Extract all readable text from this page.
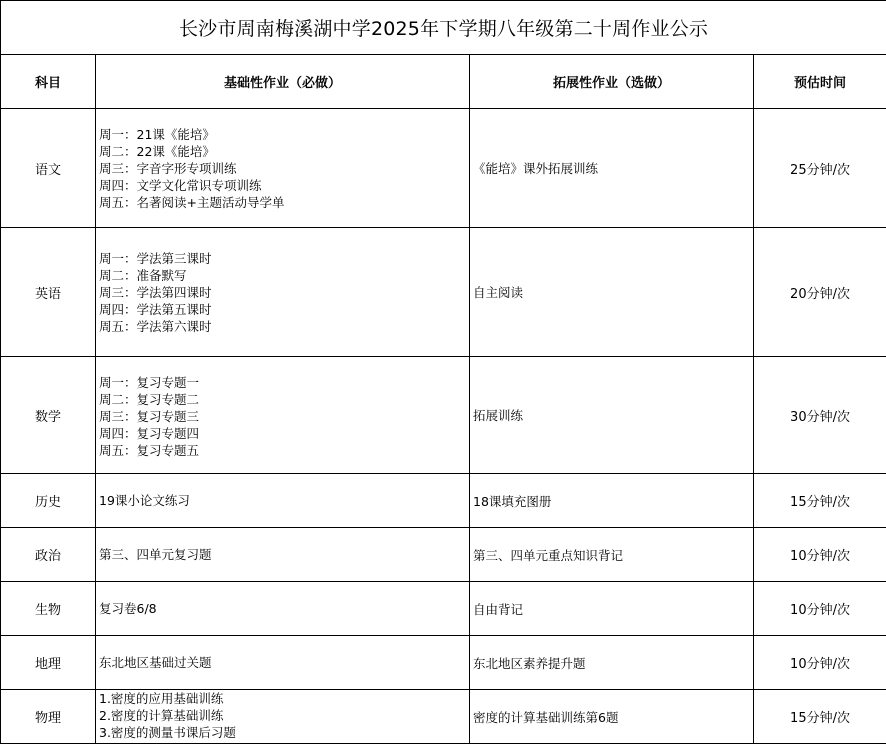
长沙市周南梅溪湖中学2025年下学期八年级第二十周作业公示			
科目	基础性作业（必做）	拓展性作业（选做）	预估时间
语文	周一：21课《能培》
周二：22课《能培》
周三：字音字形专项训练
周四：文学文化常识专项训练
周五：名著阅读+主题活动导学单	《能培》课外拓展训练	25分钟/次
英语	周一：学法第三课时
周二：准备默写
周三：学法第四课时
周四：学法第五课时
周五：学法第六课时	自主阅读	20分钟/次
数学	周一：复习专题一
周二：复习专题二
周三：复习专题三
周四：复习专题四
周五：复习专题五	拓展训练	30分钟/次
历史	19课小论文练习	18课填充图册	15分钟/次
政治	第三、四单元复习题	第三、四单元重点知识背记	10分钟/次
生物	复习卷6/8	自由背记	10分钟/次
地理	东北地区基础过关题	东北地区素养提升题	10分钟/次
物理	1.密度的应用基础训练
2.密度的计算基础训练
3.密度的测量书课后习题	密度的计算基础训练第6题	15分钟/次
